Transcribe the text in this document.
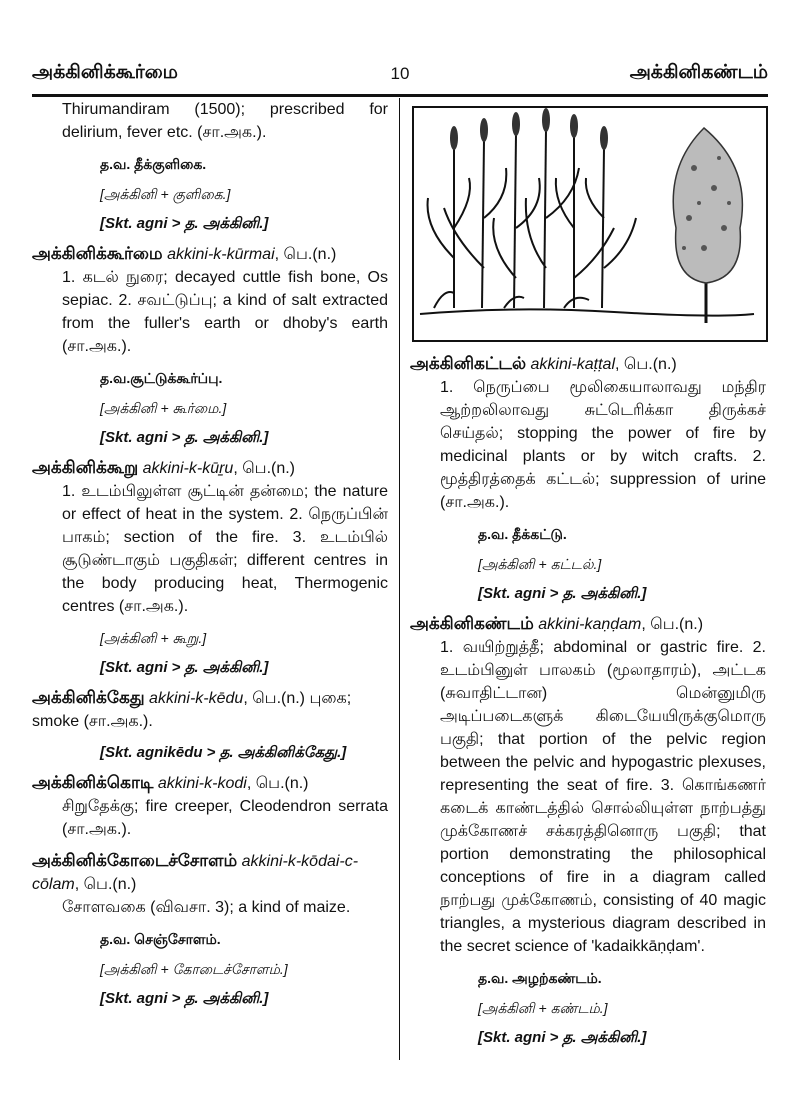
அக்கினிக்கூர்மை	10	அக்கினிகண்டம்

Thirumandiram (1500); prescribed for delirium, fever etc. (சா.அக.).

த.வ. தீக்குளிகை.

[அக்கினி + குளிகை.]

[Skt. agni > த. அக்கினி.]

அக்கினிக்கூர்மை akkini-k-kūrmai, பெ.(n.)

1. கடல் நுரை; decayed cuttle fish bone, Os sepiac. 2. சவட்டுப்பு; a kind of salt extracted from the fuller's earth or dhoby's earth (சா.அக.).

த.வ.சூட்டுக்கூர்ப்பு.

[அக்கினி + கூர்மை.]

[Skt. agni > த. அக்கினி.]

அக்கினிக்கூறு akkini-k-kūṟu, பெ.(n.)

1. உடம்பிலுள்ள சூட்டின் தன்மை; the nature or effect of heat in the system. 2. நெருப்பின் பாகம்; section of the fire. 3. உடம்பில் சூடுண்டாகும் பகுதிகள்; different centres in the body producing heat, Thermogenic centres (சா.அக.).

[அக்கினி + கூறு.]

[Skt. agni > த. அக்கினி.]

அக்கினிக்கேது akkini-k-kēdu, பெ.(n.) புகை; smoke (சா.அக.).

[Skt. agnikēdu > த. அக்கினிக்கேது.]

அக்கினிக்கொடி akkini-k-kodi, பெ.(n.)

சிறுதேக்கு; fire creeper, Cleodendron serrata (சா.அக.).

அக்கினிக்கோடைச்சோளம் akkini-k-kōdai-c-cōlam, பெ.(n.)

சோளவகை (விவசா. 3); a kind of maize.

த.வ. செஞ்சோளம்.

[அக்கினி + கோடைச்சோளம்.]

[Skt. agni > த. அக்கினி.]

அக்கினிகட்டல் akkini-kaṭṭal, பெ.(n.)

1. நெருப்பை மூலிகையாலாவது மந்திர ஆற்றலிலாவது சுட்டெரிக்கா திருக்கச் செய்தல்; stopping the power of fire by medicinal plants or by witch crafts. 2. மூத்திரத்தைக் கட்டல்; suppression of urine (சா.அக.).

த.வ. தீக்கட்டு.

[அக்கினி + கட்டல்.]

[Skt. agni > த. அக்கினி.]

அக்கினிகண்டம் akkini-kaṇḍam, பெ.(n.)

1. வயிற்றுத்தீ; abdominal or gastric fire. 2. உடம்பினுள் பாலகம் (மூலாதாரம்), அட்டக (சுவாதிட்டான) மென்னுமிரு அடிப்படைகளுக் கிடையேயிருக்குமொரு பகுதி; that portion of the pelvic region between the pelvic and hypogastric plexuses, representing the seat of fire. 3. கொங்கணர் கடைக் காண்டத்தில் சொல்லியுள்ள நாற்பத்து முக்கோணச் சக்கரத்தினொரு பகுதி; that portion demonstrating the philosophical conceptions of fire in a diagram called நாற்பது முக்கோணம், consisting of 40 magic triangles, a mysterious diagram described in the secret science of 'kadaikkāṇḍam'.

த.வ. அழற்கண்டம்.

[அக்கினி + கண்டம்.]

[Skt. agni > த. அக்கினி.]
